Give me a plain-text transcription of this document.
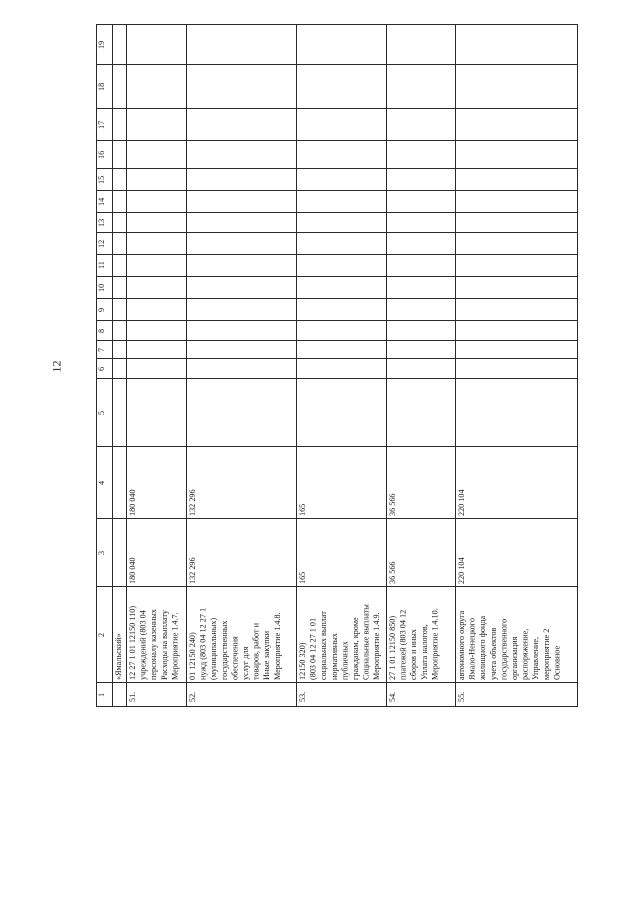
12
1
2
3
4
5
6
7
8
9
10
11
12
13
14
15
16
17
18
19
«Ямальский»
51.
Мероприятие 1.4.7.
Расходы на выплату
персоналу казенных
учреждений (803 04
12 27 1 01 12150 110)
180 040
180 040
52.
Мероприятие 1.4.8.
Иные закупки
товаров, работ и
услуг для
обеспечения
государственных
(муниципальных)
нужд (803 04 12 27 1
01 12150 240)
132 296
132 296
53.
Мероприятие 1.4.9.
Социальные выплаты
гражданам, кроме
публичных
нормативных
социальных выплат
(803 04 12 27 1 01
12150 320)
165
165
54.
Мероприятие 1.4.10.
Уплата налогов,
сборов и иных
платежей (803 04 12
27 1 01 12150 850)
36 566
36 566
55.
Основное
мероприятие 2
Управление,
распоряжение,
организация
государственного
учета объектов
жилищного фонда
Ямало-Ненецкого
автономного округа
220 104
220 104
